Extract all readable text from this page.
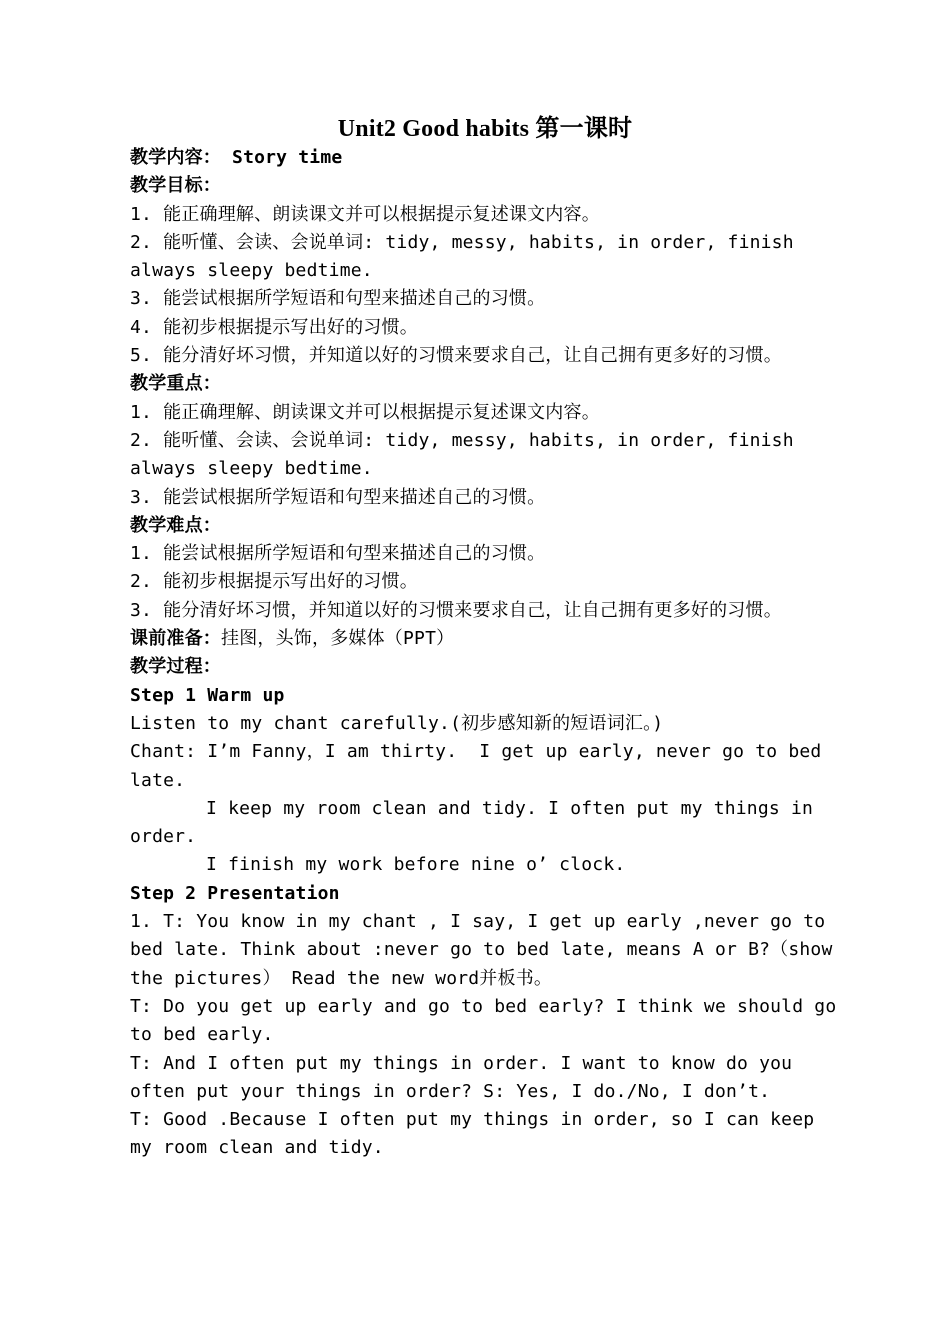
Unit2 Good habits 第一课时
教学内容： Story time
教学目标：
1. 能正确理解、朗读课文并可以根据提示复述课文内容。
2. 能听懂、会读、会说单词: tidy, messy, habits, in order, finish always sleepy bedtime.
3. 能尝试根据所学短语和句型来描述自己的习惯。
4. 能初步根据提示写出好的习惯。
5. 能分清好坏习惯，并知道以好的习惯来要求自己，让自己拥有更多好的习惯。
教学重点：
1. 能正确理解、朗读课文并可以根据提示复述课文内容。
2. 能听懂、会读、会说单词: tidy, messy, habits, in order, finish always sleepy bedtime.
3. 能尝试根据所学短语和句型来描述自己的习惯。
教学难点：
1. 能尝试根据所学短语和句型来描述自己的习惯。
2. 能初步根据提示写出好的习惯。
3. 能分清好坏习惯，并知道以好的习惯来要求自己，让自己拥有更多好的习惯。
课前准备：挂图，头饰，多媒体（PPT）
教学过程：
Step 1 Warm up
Listen to my chant carefully.(初步感知新的短语词汇。)
Chant: I’m Fanny，I am thirty.  I get up early, never go to bed late.
I keep my room clean and tidy. I often put my things in order.
I finish my work before nine o’ clock.
Step 2 Presentation
1. T: You know in my chant , I say, I get up early ,never go to bed late. Think about :never go to bed late, means A or B?（show the pictures） Read the new word并板书。
T: Do you get up early and go to bed early? I think we should go to bed early.
T: And I often put my things in order. I want to know do you often put your things in order? S: Yes, I do./No, I don’t.
T: Good .Because I often put my things in order, so I can keep my room clean and tidy.
